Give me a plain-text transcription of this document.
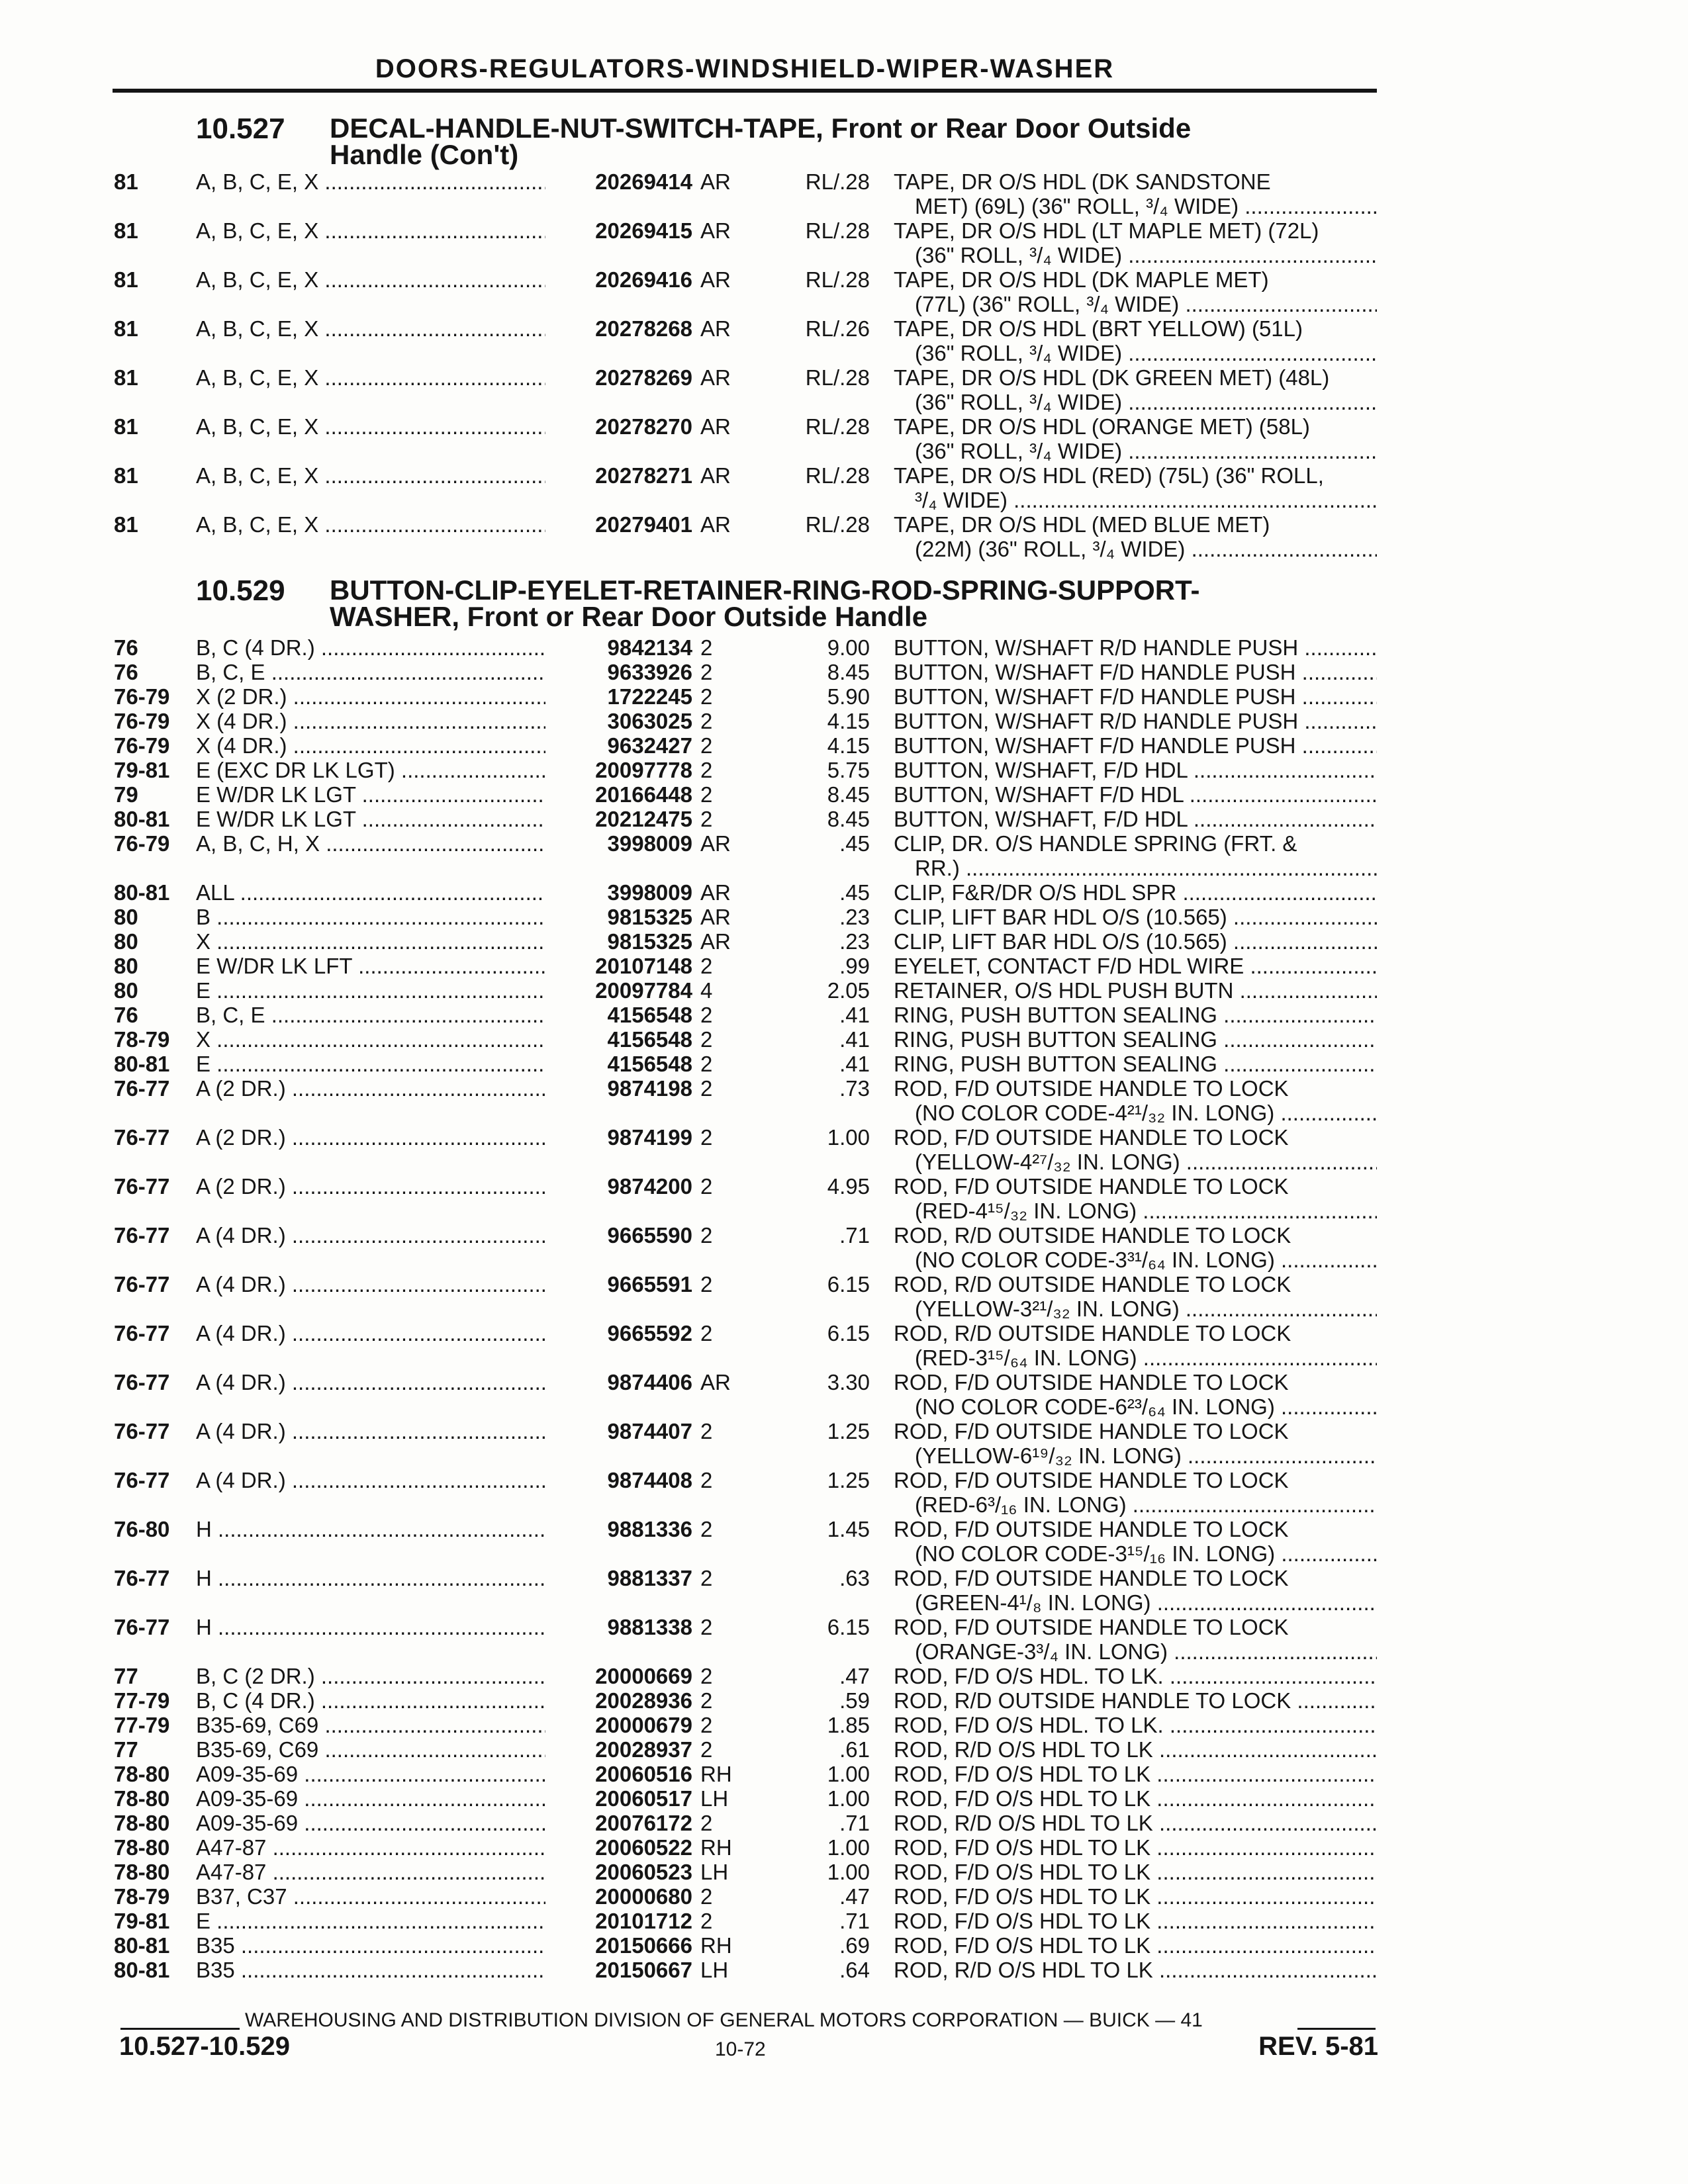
DOORS-REGULATORS-WINDSHIELD-WIPER-WASHER
10.527 DECAL-HANDLE-NUT-SWITCH-TAPE, Front or Rear Door Outside
Handle (Con't)
81	A, B, C, E, X .....	20269414 AR	RL/.28 TAPE, DR O/S HDL (DK SANDSTONE
MET) (69L) (36" ROLL, ³/₄ WIDE) .....
81	A, B, C, E, X .....	20269415 AR	RL/.28 TAPE, DR O/S HDL (LT MAPLE MET) (72L)
(36" ROLL, ³/₄ WIDE) .....
81	A, B, C, E, X .....	20269416 AR	RL/.28 TAPE, DR O/S HDL (DK MAPLE MET)
(77L) (36" ROLL, ³/₄ WIDE) .....
81	A, B, C, E, X .....	20278268 AR	RL/.26 TAPE, DR O/S HDL (BRT YELLOW) (51L)
(36" ROLL, ³/₄ WIDE) .....
81	A, B, C, E, X .....	20278269 AR	RL/.28 TAPE, DR O/S HDL (DK GREEN MET) (48L)
(36" ROLL, ³/₄ WIDE) .....
81	A, B, C, E, X .....	20278270 AR	RL/.28 TAPE, DR O/S HDL (ORANGE MET) (58L)
(36" ROLL, ³/₄ WIDE) .....
81	A, B, C, E, X .....	20278271 AR	RL/.28 TAPE, DR O/S HDL (RED) (75L) (36" ROLL,
³/₄ WIDE) .....
81	A, B, C, E, X .....	20279401 AR	RL/.28 TAPE, DR O/S HDL (MED BLUE MET)
(22M) (36" ROLL, ³/₄ WIDE) .....
10.529 BUTTON-CLIP-EYELET-RETAINER-RING-ROD-SPRING-SUPPORT-
WASHER, Front or Rear Door Outside Handle
76	B, C (4 DR.) .....	9842134 2	9.00 BUTTON, W/SHAFT R/D HANDLE PUSH .....
76	B, C, E .....	9633926 2	8.45 BUTTON, W/SHAFT F/D HANDLE PUSH .....
76-79	X (2 DR.) .....	1722245 2	5.90 BUTTON, W/SHAFT F/D HANDLE PUSH .....
76-79	X (4 DR.) .....	3063025 2	4.15 BUTTON, W/SHAFT R/D HANDLE PUSH .....
76-79	X (4 DR.) .....	9632427 2	4.15 BUTTON, W/SHAFT F/D HANDLE PUSH .....
79-81	E (EXC DR LK LGT) .....	20097778 2	5.75 BUTTON, W/SHAFT, F/D HDL .....
79	E W/DR LK LGT .....	20166448 2	8.45 BUTTON, W/SHAFT F/D HDL .....
80-81	E W/DR LK LGT .....	20212475 2	8.45 BUTTON, W/SHAFT, F/D HDL .....
76-79	A, B, C, H, X .....	3998009 AR	.45 CLIP, DR. O/S HANDLE SPRING (FRT. &
RR.) .....
80-81	ALL .....	3998009 AR	.45 CLIP, F&R/DR O/S HDL SPR .....
80	B .....	9815325 AR	.23 CLIP, LIFT BAR HDL O/S (10.565) .....
80	X .....	9815325 AR	.23 CLIP, LIFT BAR HDL O/S (10.565) .....
80	E W/DR LK LFT .....	20107148 2	.99 EYELET, CONTACT F/D HDL WIRE .....
80	E .....	20097784 4	2.05 RETAINER, O/S HDL PUSH BUTN .....
76	B, C, E .....	4156548 2	.41 RING, PUSH BUTTON SEALING .....
78-79	X .....	4156548 2	.41 RING, PUSH BUTTON SEALING .....
80-81	E .....	4156548 2	.41 RING, PUSH BUTTON SEALING .....
76-77	A (2 DR.) .....	9874198 2	.73 ROD, F/D OUTSIDE HANDLE TO LOCK
(NO COLOR CODE-4²¹/₃₂ IN. LONG) .....
76-77	A (2 DR.) .....	9874199 2	1.00 ROD, F/D OUTSIDE HANDLE TO LOCK
(YELLOW-4²⁷/₃₂ IN. LONG) .....
76-77	A (2 DR.) .....	9874200 2	4.95 ROD, F/D OUTSIDE HANDLE TO LOCK
(RED-4¹⁵/₃₂ IN. LONG) .....
76-77	A (4 DR.) .....	9665590 2	.71 ROD, R/D OUTSIDE HANDLE TO LOCK
(NO COLOR CODE-3³¹/₆₄ IN. LONG) .....
76-77	A (4 DR.) .....	9665591 2	6.15 ROD, R/D OUTSIDE HANDLE TO LOCK
(YELLOW-3²¹/₃₂ IN. LONG) .....
76-77	A (4 DR.) .....	9665592 2	6.15 ROD, R/D OUTSIDE HANDLE TO LOCK
(RED-3¹⁵/₆₄ IN. LONG) .....
76-77	A (4 DR.) .....	9874406 AR	3.30 ROD, F/D OUTSIDE HANDLE TO LOCK
(NO COLOR CODE-6²³/₆₄ IN. LONG) .....
76-77	A (4 DR.) .....	9874407 2	1.25 ROD, F/D OUTSIDE HANDLE TO LOCK
(YELLOW-6¹⁹/₃₂ IN. LONG) .....
76-77	A (4 DR.) .....	9874408 2	1.25 ROD, F/D OUTSIDE HANDLE TO LOCK
(RED-6³/₁₆ IN. LONG) .....
76-80	H .....	9881336 2	1.45 ROD, F/D OUTSIDE HANDLE TO LOCK
(NO COLOR CODE-3¹⁵/₁₆ IN. LONG) .....
76-77	H .....	9881337 2	.63 ROD, F/D OUTSIDE HANDLE TO LOCK
(GREEN-4¹/₈ IN. LONG) .....
76-77	H .....	9881338 2	6.15 ROD, F/D OUTSIDE HANDLE TO LOCK
(ORANGE-3³/₄ IN. LONG) .....
77	B, C (2 DR.) .....	20000669 2	.47 ROD, F/D O/S HDL. TO LK. .....
77-79	B, C (4 DR.) .....	20028936 2	.59 ROD, R/D OUTSIDE HANDLE TO LOCK .....
77-79	B35-69, C69 .....	20000679 2	1.85 ROD, F/D O/S HDL. TO LK. .....
77	B35-69, C69 .....	20028937 2	.61 ROD, R/D O/S HDL TO LK .....
78-80	A09-35-69 .....	20060516 RH	1.00 ROD, F/D O/S HDL TO LK .....
78-80	A09-35-69 .....	20060517 LH	1.00 ROD, F/D O/S HDL TO LK .....
78-80	A09-35-69 .....	20076172 2	.71 ROD, R/D O/S HDL TO LK .....
78-80	A47-87 .....	20060522 RH	1.00 ROD, F/D O/S HDL TO LK .....
78-80	A47-87 .....	20060523 LH	1.00 ROD, F/D O/S HDL TO LK .....
78-79	B37, C37 .....	20000680 2	.47 ROD, F/D O/S HDL TO LK .....
79-81	E .....	20101712 2	.71 ROD, F/D O/S HDL TO LK .....
80-81	B35 .....	20150666 RH	.69 ROD, F/D O/S HDL TO LK .....
80-81	B35 .....	20150667 LH	.64 ROD, R/D O/S HDL TO LK .....
WAREHOUSING AND DISTRIBUTION DIVISION OF GENERAL MOTORS CORPORATION — BUICK — 41
10.527-10.529	10-72	REV. 5-81
